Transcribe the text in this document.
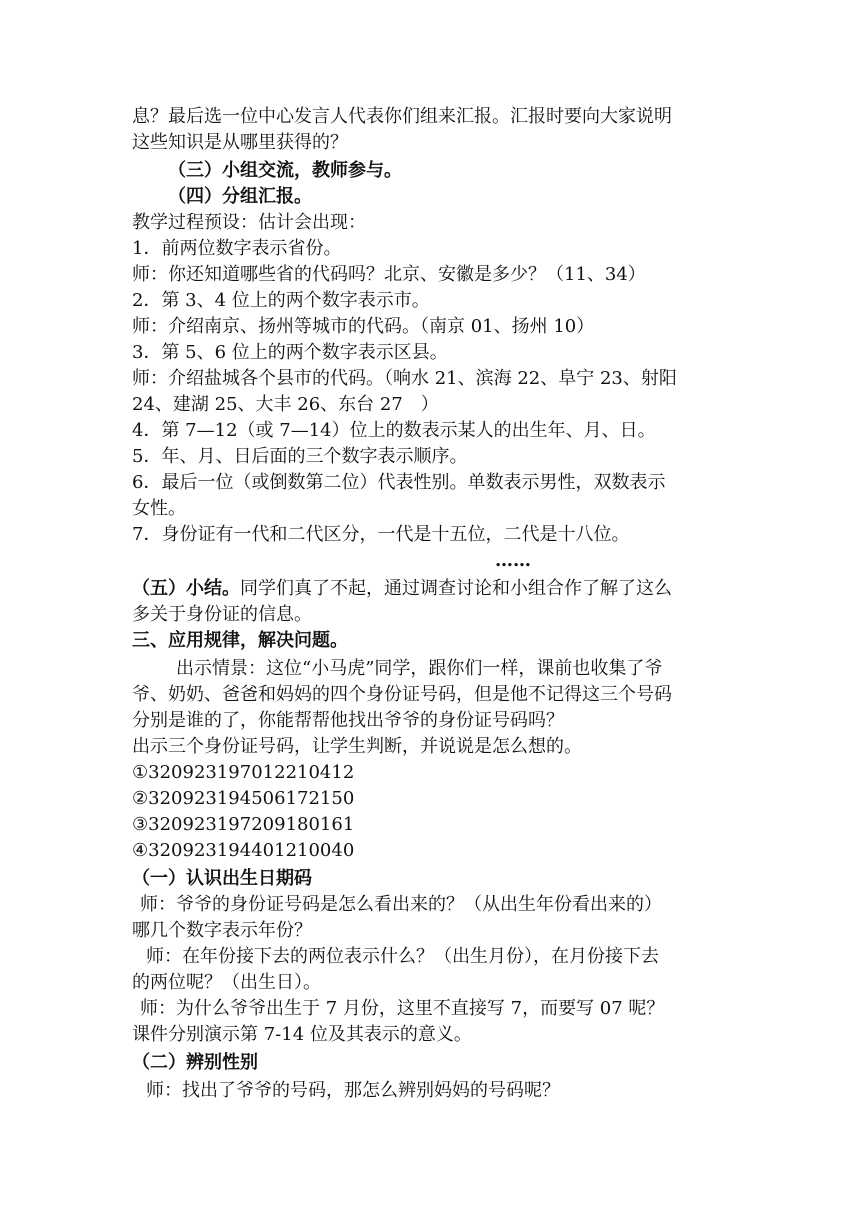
息？最后选一位中心发言人代表你们组来汇报。汇报时要向大家说明
这些知识是从哪里获得的？
（三）小组交流，教师参与。
（四）分组汇报。
教学过程预设：估计会出现：
1．前两位数字表示省份。
师：你还知道哪些省的代码吗？北京、安徽是多少？（11、34）
2．第 3、4 位上的两个数字表示市。
师：介绍南京、扬州等城市的代码。（南京 01、扬州 10）
3．第 5、6 位上的两个数字表示区县。
师：介绍盐城各个县市的代码。（响水 21、滨海 22、阜宁 23、射阳
24、建湖 25、大丰 26、东台 27　）
4．第 7—12（或 7—14）位上的数表示某人的出生年、月、日。
5．年、月、日后面的三个数字表示顺序。
6．最后一位（或倒数第二位）代表性别。单数表示男性，双数表示
女性。
7．身份证有一代和二代区分，一代是十五位，二代是十八位。
……
（五）小结。同学们真了不起，通过调查讨论和小组合作了解了这么
多关于身份证的信息。
三、应用规律，解决问题。
出示情景：这位“小马虎”同学，跟你们一样，课前也收集了爷
爷、奶奶、爸爸和妈妈的四个身份证号码，但是他不记得这三个号码
分别是谁的了，你能帮帮他找出爷爷的身份证号码吗？
出示三个身份证号码，让学生判断，并说说是怎么想的。
①320923197012210412
②320923194506172150
③320923197209180161
④320923194401210040
（一）认识出生日期码
师：爷爷的身份证号码是怎么看出来的？（从出生年份看出来的）
哪几个数字表示年份？
师：在年份接下去的两位表示什么？（出生月份），在月份接下去
的两位呢？（出生日）。
师：为什么爷爷出生于 7 月份，这里不直接写 7，而要写 07 呢？
课件分别演示第 7-14 位及其表示的意义。
（二）辨别性别
师：找出了爷爷的号码，那怎么辨别妈妈的号码呢？
